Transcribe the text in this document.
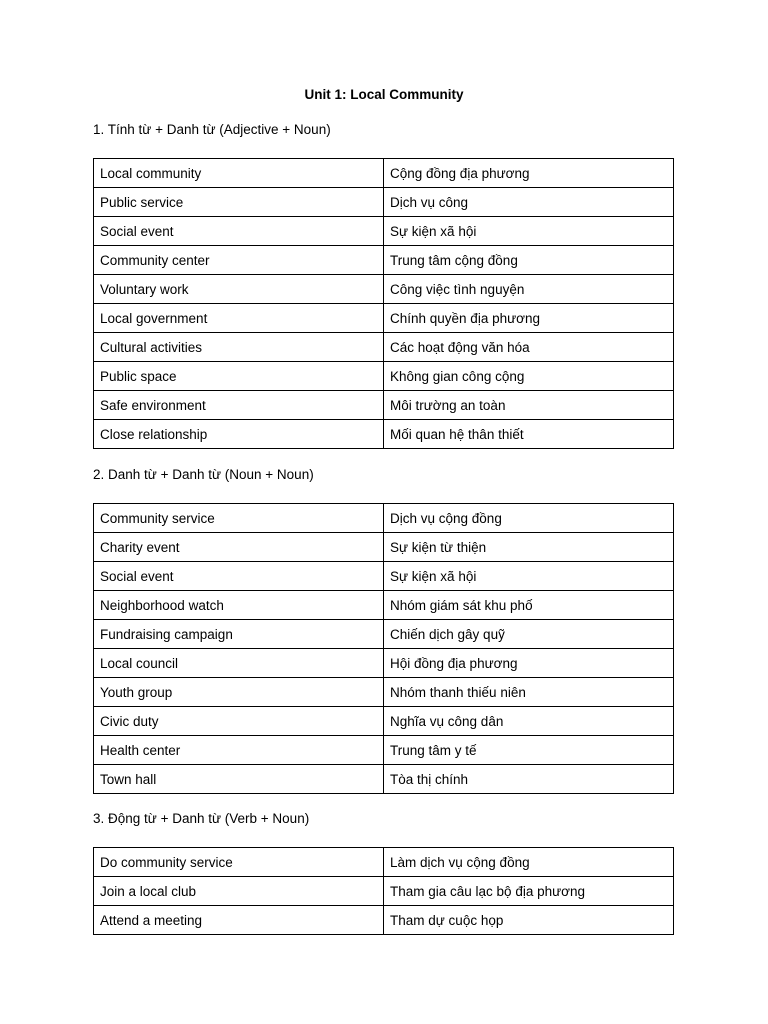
Unit 1: Local Community
1. Tính từ + Danh từ (Adjective + Noun)
Local community	Cộng đồng địa phương
Public service	Dịch vụ công
Social event	Sự kiện xã hội
Community center	Trung tâm cộng đồng
Voluntary work	Công việc tình nguyện
Local government	Chính quyền địa phương
Cultural activities	Các hoạt động văn hóa
Public space	Không gian công cộng
Safe environment	Môi trường an toàn
Close relationship	Mối quan hệ thân thiết
2. Danh từ + Danh từ (Noun + Noun)
Community service	Dịch vụ cộng đồng
Charity event	Sự kiện từ thiện
Social event	Sự kiện xã hội
Neighborhood watch	Nhóm giám sát khu phố
Fundraising campaign	Chiến dịch gây quỹ
Local council	Hội đồng địa phương
Youth group	Nhóm thanh thiếu niên
Civic duty	Nghĩa vụ công dân
Health center	Trung tâm y tế
Town hall	Tòa thị chính
3. Động từ + Danh từ (Verb + Noun)
Do community service	Làm dịch vụ cộng đồng
Join a local club	Tham gia câu lạc bộ địa phương
Attend a meeting	Tham dự cuộc họp
